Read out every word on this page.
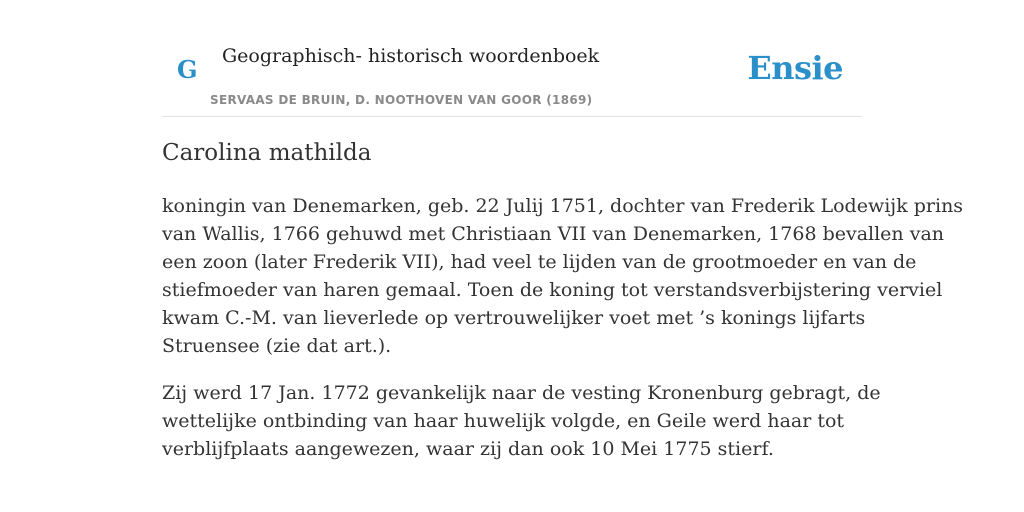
G Geographisch- historisch woordenboek
SERVAAS DE BRUIN, D. NOOTHOVEN VAN GOOR (1869)
Ensie
Carolina mathilda

koningin van Denemarken, geb. 22 Julij 1751, dochter van Frederik Lodewijk prins
van Wallis, 1766 gehuwd met Christiaan VII van Denemarken, 1768 bevallen van
een zoon (later Frederik VII), had veel te lijden van de grootmoeder en van de
stiefmoeder van haren gemaal. Toen de koning tot verstandsverbijstering verviel
kwam C.-M. van lieverlede op vertrouwelijker voet met ’s konings lijfarts
Struensee (zie dat art.).

Zij werd 17 Jan. 1772 gevankelijk naar de vesting Kronenburg gebragt, de
wettelijke ontbinding van haar huwelijk volgde, en Geile werd haar tot
verblijfplaats aangewezen, waar zij dan ook 10 Mei 1775 stierf.
